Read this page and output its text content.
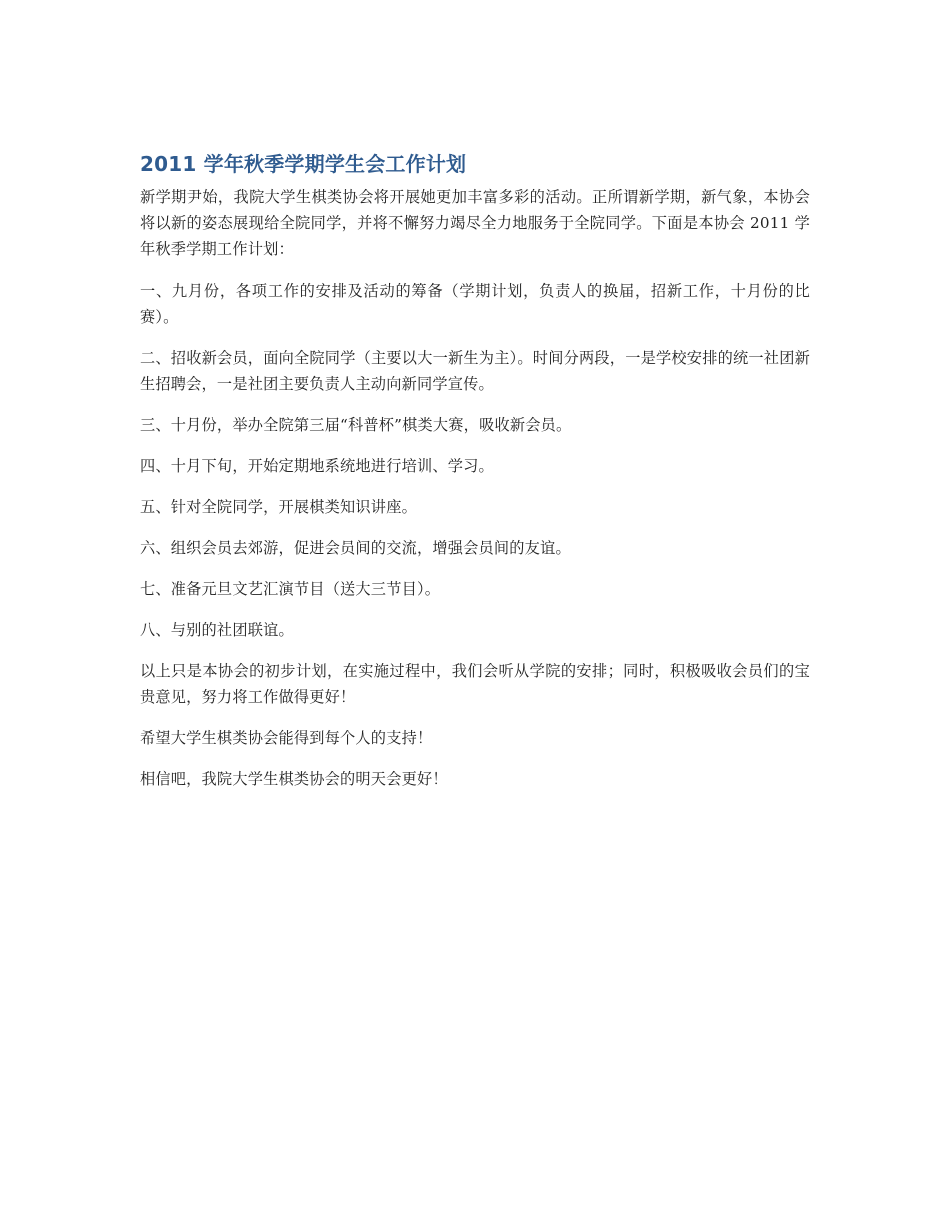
2011 学年秋季学期学生会工作计划

新学期尹始，我院大学生棋类协会将开展她更加丰富多彩的活动。正所谓新学期，新气象，本协会将以新的姿态展现给全院同学，并将不懈努力竭尽全力地服务于全院同学。下面是本协会 2011 学年秋季学期工作计划：

一、九月份，各项工作的安排及活动的筹备（学期计划，负责人的换届，招新工作，十月份的比赛）。

二、招收新会员，面向全院同学（主要以大一新生为主）。时间分两段，一是学校安排的统一社团新生招聘会，一是社团主要负责人主动向新同学宣传。

三、十月份，举办全院第三届“科普杯”棋类大赛，吸收新会员。

四、十月下旬，开始定期地系统地进行培训、学习。

五、针对全院同学，开展棋类知识讲座。

六、组织会员去郊游，促进会员间的交流，增强会员间的友谊。

七、准备元旦文艺汇演节目（送大三节目）。

八、与别的社团联谊。

以上只是本协会的初步计划，在实施过程中，我们会听从学院的安排；同时，积极吸收会员们的宝贵意见，努力将工作做得更好！

希望大学生棋类协会能得到每个人的支持！

相信吧，我院大学生棋类协会的明天会更好！
